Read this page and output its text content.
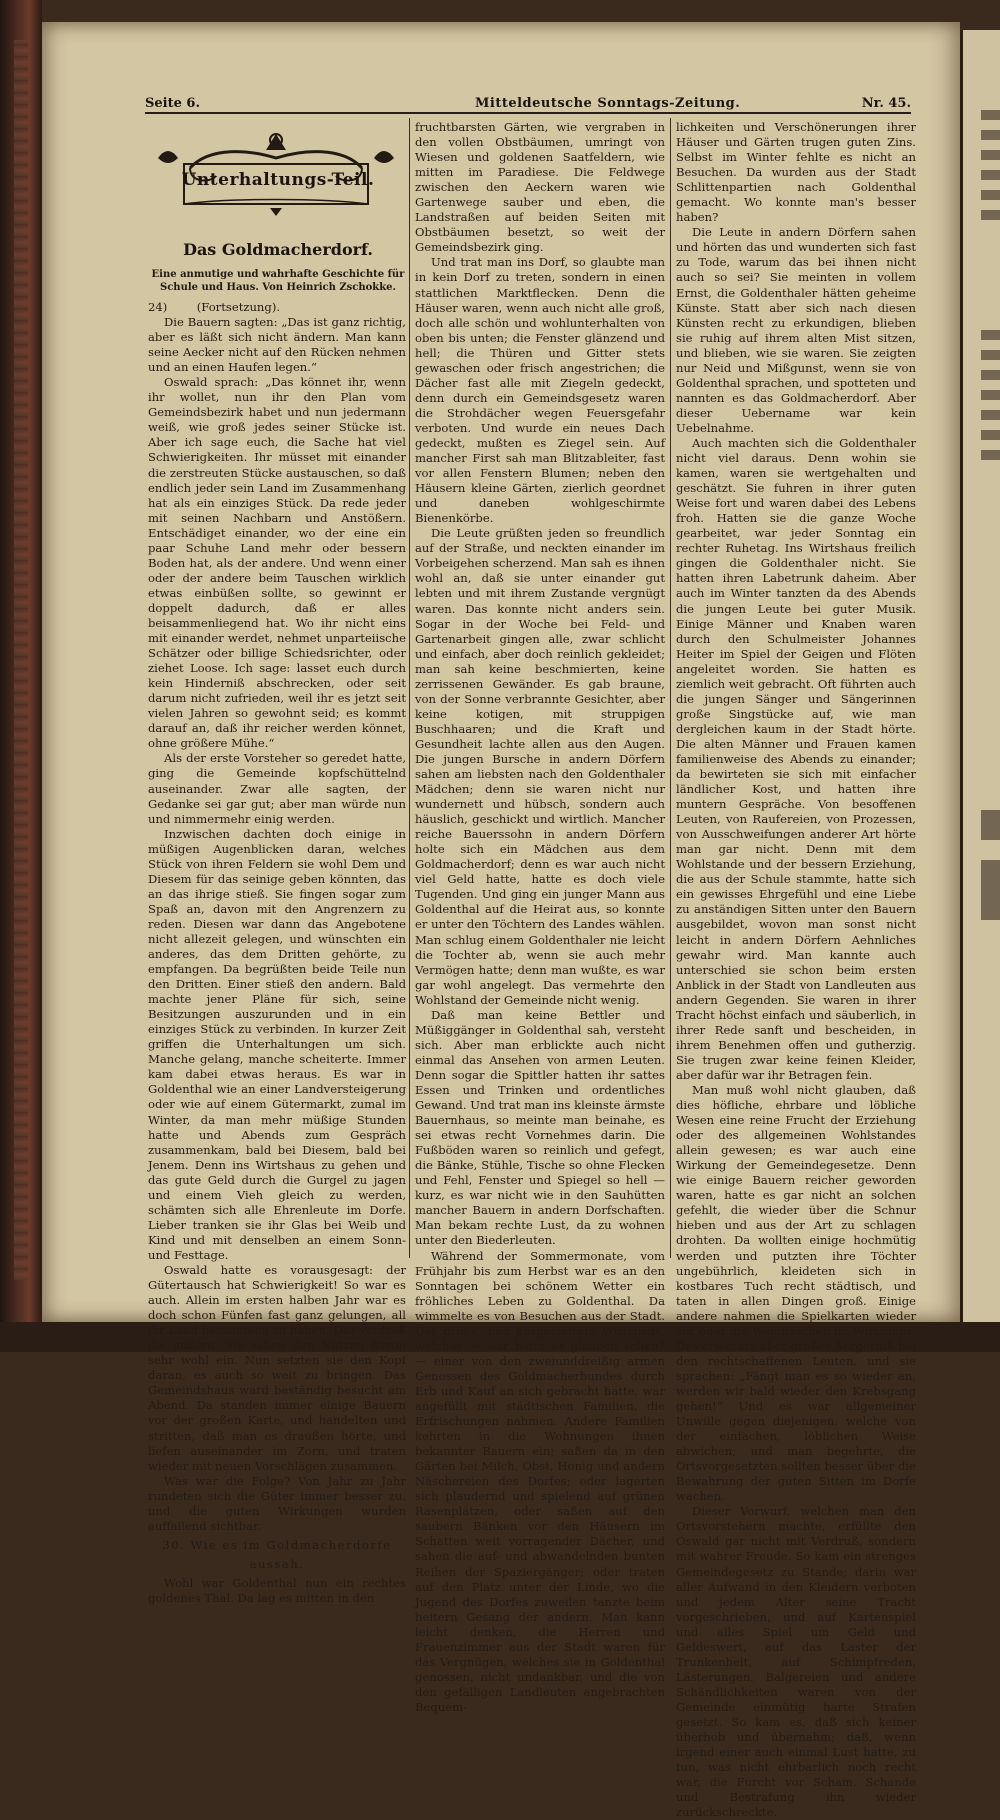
Seite 6.	Mitteldeutsche Sonntags-Zeitung.	Nr. 45.
Unterhaltungs-Teil.
Das Goldmacherdorf.
Eine anmutige und wahrhafte Geschichte für Schule und Haus. Von Heinrich Zschokke.

24)	(Fortsetzung).

Die Bauern sagten: „Das ist ganz richtig, aber es läßt sich nicht ändern. Man kann seine Aecker nicht auf den Rücken nehmen und an einen Haufen legen.“

Oswald sprach: „Das könnet ihr, wenn ihr wollet, nun ihr den Plan vom Gemeindsbezirk habet und nun jedermann weiß, wie groß jedes seiner Stücke ist. Aber ich sage euch, die Sache hat viel Schwierigkeiten. Ihr müsset mit einander die zerstreuten Stücke austauschen, so daß endlich jeder sein Land im Zusammenhang hat als ein einziges Stück. Da rede jeder mit seinen Nachbarn und Anstößern. Entschädiget einander, wo der eine ein paar Schuhe Land mehr oder bessern Boden hat, als der andere. Und wenn einer oder der andere beim Tauschen wirklich etwas einbüßen sollte, so gewinnt er doppelt dadurch, daß er alles beisammenliegend hat. Wo ihr nicht eins mit einander werdet, nehmet unparteiische Schätzer oder billige Schiedsrichter, oder ziehet Loose. Ich sage: lasset euch durch kein Hinderniß abschrecken, oder seit darum nicht zufrieden, weil ihr es jetzt seit vielen Jahren so gewohnt seid; es kommt darauf an, daß ihr reicher werden könnet, ohne größere Mühe.“

Als der erste Vorsteher so geredet hatte, ging die Gemeinde kopfschüttelnd auseinander. Zwar alle sagten, der Gedanke sei gar gut; aber man würde nun und nimmermehr einig werden.

Inzwischen dachten doch einige in müßigen Augenblicken daran, welches Stück von ihren Feldern sie wohl Dem und Diesem für das seinige geben könnten, das an das ihrige stieß. Sie fingen sogar zum Spaß an, davon mit den Angrenzern zu reden. Diesen war dann das Angebotene nicht allezeit gelegen, und wünschten ein anderes, das dem Dritten gehörte, zu empfangen. Da begrüßten beide Teile nun den Dritten. Einer stieß den andern. Bald machte jener Pläne für sich, seine Besitzungen auszurunden und in ein einziges Stück zu verbinden. In kurzer Zeit griffen die Unterhaltungen um sich. Manche gelang, manche scheiterte. Immer kam dabei etwas heraus. Es war in Goldenthal wie an einer Landversteigerung oder wie auf einem Gütermarkt, zumal im Winter, da man mehr müßige Stunden hatte und Abends zum Gespräch zusammenkam, bald bei Diesem, bald bei Jenem. Denn ins Wirtshaus zu gehen und das gute Geld durch die Gurgel zu jagen und einem Vieh gleich zu werden, schämten sich alle Ehrenleute im Dorfe. Lieber tranken sie ihr Glas bei Weib und Kind und mit denselben an einem Sonn- und Festtage.

Oswald hatte es vorausgesagt: der Gütertausch hat Schwierigkeit! So war es auch. Allein im ersten halben Jahr war es doch schon Fünfen fast ganz gelungen, all ihr Land beisammen zu haben. Das verdroß die andern. Sie sahen den Nutzen davon sehr wohl ein. Nun setzten sie den Kopf daran, es auch so weit zu bringen. Das Gemeindshaus ward beständig besucht am Abend. Da standen immer einige Bauern vor der großen Karte, und handelten und stritten, daß man es draußen hörte, und liefen auseinander im Zorn, und traten wieder mit neuen Vorschlägen zusammen.

Was war die Folge? Von Jahr zu Jahr rundeten sich die Güter immer besser zu, und die guten Wirkungen wurden auffallend sichtbar.

30. Wie es im Goldmacherdorfe

aussah.

Wohl war Goldenthal nun ein rechtes goldenes Thal. Da lag es mitten in den

fruchtbarsten Gärten, wie vergraben in den vollen Obstbäumen, umringt von Wiesen und goldenen Saatfeldern, wie mitten im Paradiese. Die Feldwege zwischen den Aeckern waren wie Gartenwege sauber und eben, die Landstraßen auf beiden Seiten mit Obstbäumen besetzt, so weit der Gemeindsbezirk ging.

Und trat man ins Dorf, so glaubte man in kein Dorf zu treten, sondern in einen stattlichen Marktflecken. Denn die Häuser waren, wenn auch nicht alle groß, doch alle schön und wohlunterhalten von oben bis unten; die Fenster glänzend und hell; die Thüren und Gitter stets gewaschen oder frisch angestrichen; die Dächer fast alle mit Ziegeln gedeckt, denn durch ein Gemeindsgesetz waren die Strohdächer wegen Feuersgefahr verboten. Und wurde ein neues Dach gedeckt, mußten es Ziegel sein. Auf mancher First sah man Blitzableiter, fast vor allen Fenstern Blumen; neben den Häusern kleine Gärten, zierlich geordnet und daneben wohlgeschirmte Bienenkörbe.

Die Leute grüßten jeden so freundlich auf der Straße, und neckten einander im Vorbeigehen scherzend. Man sah es ihnen wohl an, daß sie unter einander gut lebten und mit ihrem Zustande vergnügt waren. Das konnte nicht anders sein. Sogar in der Woche bei Feld- und Gartenarbeit gingen alle, zwar schlicht und einfach, aber doch reinlich gekleidet; man sah keine beschmierten, keine zerrissenen Gewänder. Es gab braune, von der Sonne verbrannte Gesichter, aber keine kotigen, mit struppigen Buschhaaren; und die Kraft und Gesundheit lachte allen aus den Augen. Die jungen Bursche in andern Dörfern sahen am liebsten nach den Goldenthaler Mädchen; denn sie waren nicht nur wundernett und hübsch, sondern auch häuslich, geschickt und wirtlich. Mancher reiche Bauerssohn in andern Dörfern holte sich ein Mädchen aus dem Goldmacherdorf; denn es war auch nicht viel Geld hatte, hatte es doch viele Tugenden. Und ging ein junger Mann aus Goldenthal auf die Heirat aus, so konnte er unter den Töchtern des Landes wählen. Man schlug einem Goldenthaler nie leicht die Tochter ab, wenn sie auch mehr Vermögen hatte; denn man wußte, es war gar wohl angelegt. Das vermehrte den Wohlstand der Gemeinde nicht wenig.

Daß man keine Bettler und Müßiggänger in Goldenthal sah, versteht sich. Aber man erblickte auch nicht einmal das Ansehen von armen Leuten. Denn sogar die Spittler hatten ihr sattes Essen und Trinken und ordentliches Gewand. Und trat man ins kleinste ärmste Bauernhaus, so meinte man beinahe, es sei etwas recht Vornehmes darin. Die Fußböden waren so reinlich und gefegt, die Bänke, Stühle, Tische so ohne Flecken und Fehl, Fenster und Spiegel so hell — kurz, es war nicht wie in den Sauhütten mancher Bauern in andern Dorfschaften. Man bekam rechte Lust, da zu wohnen unter den Biederleuten.

Während der Sommermonate, vom Frühjahr bis zum Herbst war es an den Sonntagen bei schönem Wetter ein fröhliches Leben zu Goldenthal. Da wimmelte es von Besuchen aus der Stadt. Das große, neu ausgestattete Wirtshaus, welches — wär hätte es glauben sollen? — einer von den zweiunddreißig armen Genossen des Goldmacherbundes durch Erb und Kauf an sich gebracht hatte, war angefüllt mit städtischen Familien, die Erfrischungen nahmen. Andere Familien kehrten in die Wohnungen ihnen bekannter Bauern ein; saßen da in den Gärten bei Milch, Obst, Honig und andern Näschereien des Dorfes; oder lagerten sich plaudernd und spielend auf grünen Rasenplätzen, oder saßen auf den saubern Bänken vor den Häusern im Schatten weit vorragender Dächer, und sahen die auf- und abwandelnden bunten Reihen der Spaziergänger; oder traten auf den Platz unter der Linde, wo die Jugend des Dorfes zuweilen tanzte beim heitern Gesang der andern. Man kann leicht denken, die Herren und Frauenzimmer aus der Stadt waren für das Vergnügen, welches sie in Goldenthal genossen, nicht undankbar, und die von den gefälligen Landleuten angebrachten Bequem-

lichkeiten und Verschönerungen ihrer Häuser und Gärten trugen guten Zins. Selbst im Winter fehlte es nicht an Besuchen. Da wurden aus der Stadt Schlittenpartien nach Goldenthal gemacht. Wo konnte man's besser haben?

Die Leute in andern Dörfern sahen und hörten das und wunderten sich fast zu Tode, warum das bei ihnen nicht auch so sei? Sie meinten in vollem Ernst, die Goldenthaler hätten geheime Künste. Statt aber sich nach diesen Künsten recht zu erkundigen, blieben sie ruhig auf ihrem alten Mist sitzen, und blieben, wie sie waren. Sie zeigten nur Neid und Mißgunst, wenn sie von Goldenthal sprachen, und spotteten und nannten es das Goldmacherdorf. Aber dieser Uebername war kein Uebelnahme.

Auch machten sich die Goldenthaler nicht viel daraus. Denn wohin sie kamen, waren sie wertgehalten und geschätzt. Sie fuhren in ihrer guten Weise fort und waren dabei des Lebens froh. Hatten sie die ganze Woche gearbeitet, war jeder Sonntag ein rechter Ruhetag. Ins Wirtshaus freilich gingen die Goldenthaler nicht. Sie hatten ihren Labetrunk daheim. Aber auch im Winter tanzten da des Abends die jungen Leute bei guter Musik. Einige Männer und Knaben waren durch den Schulmeister Johannes Heiter im Spiel der Geigen und Flöten angeleitet worden. Sie hatten es ziemlich weit gebracht. Oft führten auch die jungen Sänger und Sängerinnen große Singstücke auf, wie man dergleichen kaum in der Stadt hörte. Die alten Männer und Frauen kamen familienweise des Abends zu einander; da bewirteten sie sich mit einfacher ländlicher Kost, und hatten ihre muntern Gespräche. Von besoffenen Leuten, von Raufereien, von Prozessen, von Ausschweifungen anderer Art hörte man gar nicht. Denn mit dem Wohlstande und der bessern Erziehung, die aus der Schule stammte, hatte sich ein gewisses Ehrgefühl und eine Liebe zu anständigen Sitten unter den Bauern ausgebildet, wovon man sonst nicht leicht in andern Dörfern Aehnliches gewahr wird. Man kannte auch unterschied sie schon beim ersten Anblick in der Stadt von Landleuten aus andern Gegenden. Sie waren in ihrer Tracht höchst einfach und säuberlich, in ihrer Rede sanft und bescheiden, in ihrem Benehmen offen und gutherzig. Sie trugen zwar keine feinen Kleider, aber dafür war ihr Betragen fein.

Man muß wohl nicht glauben, daß dies höfliche, ehrbare und löbliche Wesen eine reine Frucht der Erziehung oder des allgemeinen Wohlstandes allein gewesen; es war auch eine Wirkung der Gemeindegesetze. Denn wie einige Bauern reicher geworden waren, hatte es gar nicht an solchen gefehlt, die wieder über die Schnur hieben und aus der Art zu schlagen drohten. Da wollten einige hochmütig werden und putzten ihre Töchter ungebührlich, kleideten sich in kostbares Tuch recht städtisch, und taten in allen Dingen groß. Einige andere nahmen die Spielkarten wieder vor oder die Weinflaschen im Wirtshaus. Das erweckte aber großes Aergerniß bei den rechtschaffenen Leuten, und sie sprachen: „Fängt man es so wieder an, werden wir bald wieder den Krebsgang gehen!“ Und es war allgemeiner Unwille gegen diejenigen, welche von der einfachen, löblichen Weise abwichen; und man begehrte, die Ortsvorgesetzten sollten besser über die Bewahrung der guten Sitten im Dorfe wachen.

Dieser Vorwurf, welchen man den Ortsvorstehern machte, erfüllte den Oswald gar nicht mit Verdruß, sondern mit wahrer Freude. So kam ein strenges Gemeindegesetz zu Stande; darin war aller Aufwand in den Kleidern verboten und jedem Alter seine Tracht vorgeschrieben, und auf Kartenspiel und alles Spiel um Geld und Geldeswert, auf das Laster der Trunkenheit, auf Schimpfreden, Lästerungen, Balgereien und andere Schändlichkeiten waren von der Gemeinde einmütig harte Strafen gesetzt. So kam es, daß sich keiner überhob und übernahm; daß, wenn irgend einer auch einmal Lust hatte, zu tun, was nicht ehrbarlich noch recht war, die Furcht vor Scham, Schande und Bestrafung ihn wieder zurückschreckte.
